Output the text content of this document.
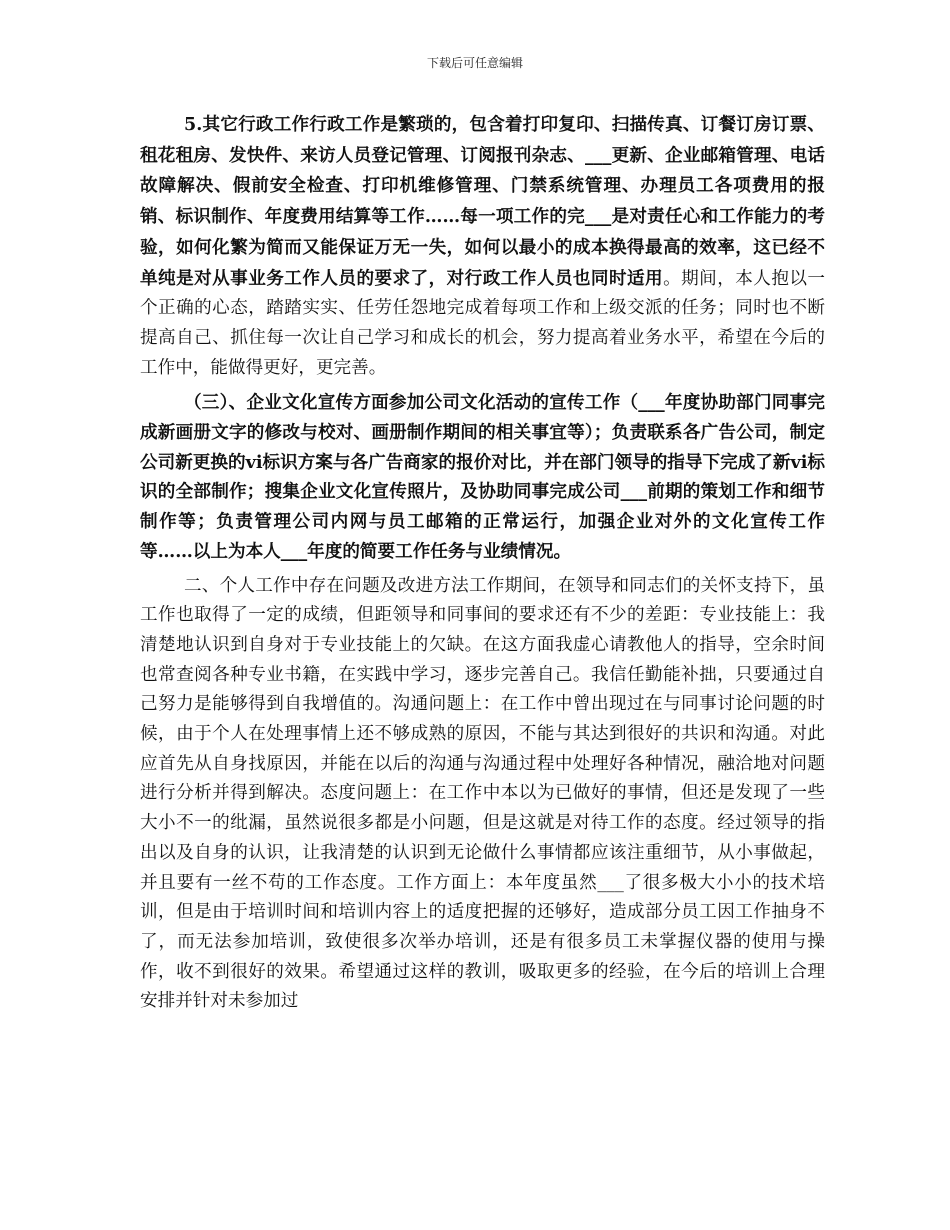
下载后可任意编辑

5.其它行政工作行政工作是繁琐的，包含着打印复印、扫描传真、订餐订房订票、租花租房、发快件、来访人员登记管理、订阅报刊杂志、___更新、企业邮箱管理、电话故障解决、假前安全检查、打印机维修管理、门禁系统管理、办理员工各项费用的报销、标识制作、年度费用结算等工作……每一项工作的完___是对责任心和工作能力的考验，如何化繁为简而又能保证万无一失，如何以最小的成本换得最高的效率，这已经不单纯是对从事业务工作人员的要求了，对行政工作人员也同时适用。期间，本人抱以一个正确的心态，踏踏实实、任劳任怨地完成着每项工作和上级交派的任务；同时也不断提高自己、抓住每一次让自己学习和成长的机会，努力提高着业务水平，希望在今后的工作中，能做得更好，更完善。

（三）、企业文化宣传方面参加公司文化活动的宣传工作（___年度协助部门同事完成新画册文字的修改与校对、画册制作期间的相关事宜等）；负责联系各广告公司，制定公司新更换的vi标识方案与各广告商家的报价对比，并在部门领导的指导下完成了新vi标识的全部制作；搜集企业文化宣传照片，及协助同事完成公司___前期的策划工作和细节制作等；负责管理公司内网与员工邮箱的正常运行，加强企业对外的文化宣传工作等……以上为本人___年度的简要工作任务与业绩情况。

二、个人工作中存在问题及改进方法工作期间，在领导和同志们的关怀支持下，虽工作也取得了一定的成绩，但距领导和同事间的要求还有不少的差距：专业技能上：我清楚地认识到自身对于专业技能上的欠缺。在这方面我虚心请教他人的指导，空余时间也常查阅各种专业书籍，在实践中学习，逐步完善自己。我信任勤能补拙，只要通过自己努力是能够得到自我增值的。沟通问题上：在工作中曾出现过在与同事讨论问题的时候，由于个人在处理事情上还不够成熟的原因，不能与其达到很好的共识和沟通。对此应首先从自身找原因，并能在以后的沟通与沟通过程中处理好各种情况，融洽地对问题进行分析并得到解决。态度问题上：在工作中本以为已做好的事情，但还是发现了一些大小不一的纰漏，虽然说很多都是小问题，但是这就是对待工作的态度。经过领导的指出以及自身的认识，让我清楚的认识到无论做什么事情都应该注重细节，从小事做起，并且要有一丝不苟的工作态度。工作方面上：本年度虽然___了很多极大小小的技术培训，但是由于培训时间和培训内容上的适度把握的还够好，造成部分员工因工作抽身不了，而无法参加培训，致使很多次举办培训，还是有很多员工未掌握仪器的使用与操作，收不到很好的效果。希望通过这样的教训，吸取更多的经验，在今后的培训上合理安排并针对未参加过
